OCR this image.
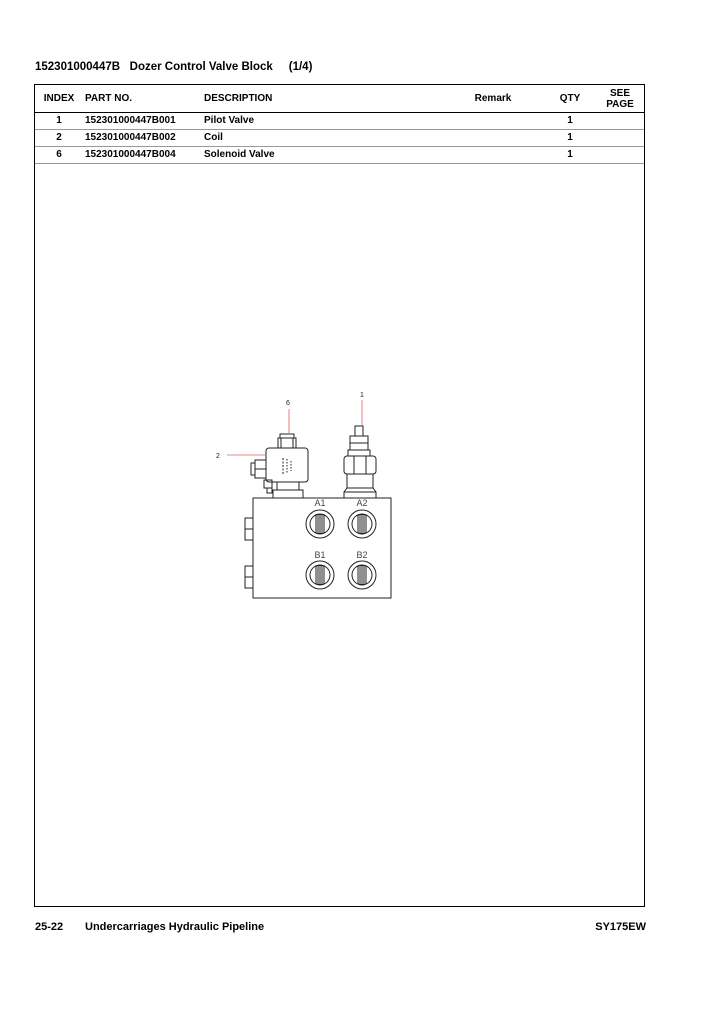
152301000447B   Dozer Control Valve Block     (1/4)
INDEX PART NO.	DESCRIPTION	Remark	QTY	SEE
PAGE
1	152301000447B001	Pilot Valve	1
2	152301000447B002	Coil	1
6	152301000447B004	Solenoid Valve	1
6
2
1
A1	A2
B1	B2
25-22 Undercarriages Hydraulic Pipeline	SY175EW
